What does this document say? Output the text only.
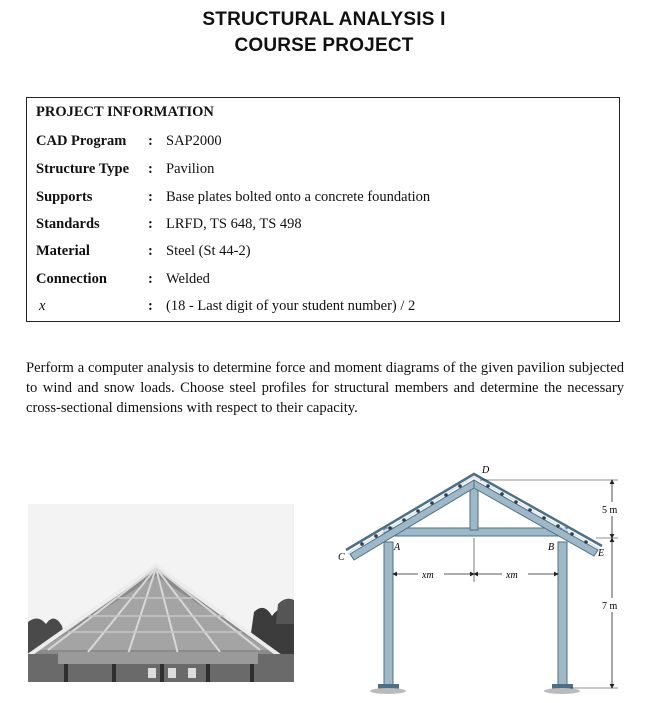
STRUCTURAL ANALYSIS I
COURSE PROJECT
PROJECT INFORMATION
CAD Program : SAP2000
Structure Type : Pavilion
Supports	: Base plates bolted onto a concrete foundation
Standards	: LRFD, TS 648, TS 498
Material	: Steel (St 44-2)
Connection	: Welded
x	: (18 - Last digit of your student number) / 2
Perform a computer analysis to determine force and moment diagrams of the given pavilion subjected to wind and snow loads. Choose steel profiles for structural members and determine the necessary cross-sectional dimensions with respect to their capacity.
C
A
D
B
E
xm	xm
5 m
7 m
